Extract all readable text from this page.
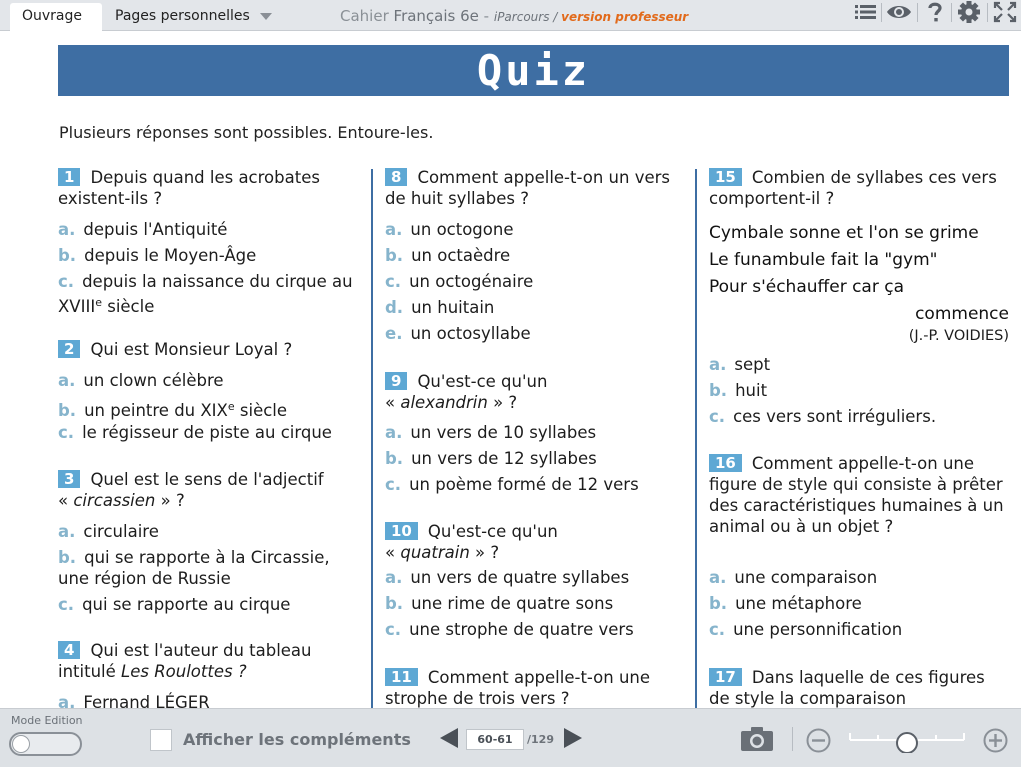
Ouvrage	Pages personnelles	Cahier Français 6e - iParcours / version professeur
Quiz
Plusieurs réponses sont possibles. Entoure-les.
1 Depuis quand les acrobates existent-ils ?
a. depuis l'Antiquité
b. depuis le Moyen-Âge
c. depuis la naissance du cirque au XVIIIe siècle
2 Qui est Monsieur Loyal ?
a. un clown célèbre
b. un peintre du XIXe siècle
c. le régisseur de piste au cirque
3 Quel est le sens de l'adjectif
« circassien » ?
a. circulaire
b. qui se rapporte à la Circassie, une région de Russie
c. qui se rapporte au cirque
4 Qui est l'auteur du tableau intitulé Les Roulottes ?
a. Fernand LÉGER
8 Comment appelle-t-on un vers de huit syllabes ?
a. un octogone
b. un octaèdre
c. un octogénaire
d. un huitain
e. un octosyllabe
9 Qu'est-ce qu'un
« alexandrin » ?
a. un vers de 10 syllabes
b. un vers de 12 syllabes
c. un poème formé de 12 vers
10 Qu'est-ce qu'un
« quatrain » ?
a. un vers de quatre syllabes
b. une rime de quatre sons
c. une strophe de quatre vers
11 Comment appelle-t-on une strophe de trois vers ?
15 Combien de syllabes ces vers comportent-il ?
Cymbale sonne et l'on se grime
Le funambule fait la "gym"
Pour s'échauffer car ça
commence
(J.-P. VOIDIES)
a. sept
b. huit
c. ces vers sont irréguliers.
16 Comment appelle-t-on une figure de style qui consiste à prêter des caractéristiques humaines à un animal ou à un objet ?
a. une comparaison
b. une métaphore
c. une personnification
17 Dans laquelle de ces figures de style la comparaison
Mode Edition
Afficher les compléments	60-61	/129
